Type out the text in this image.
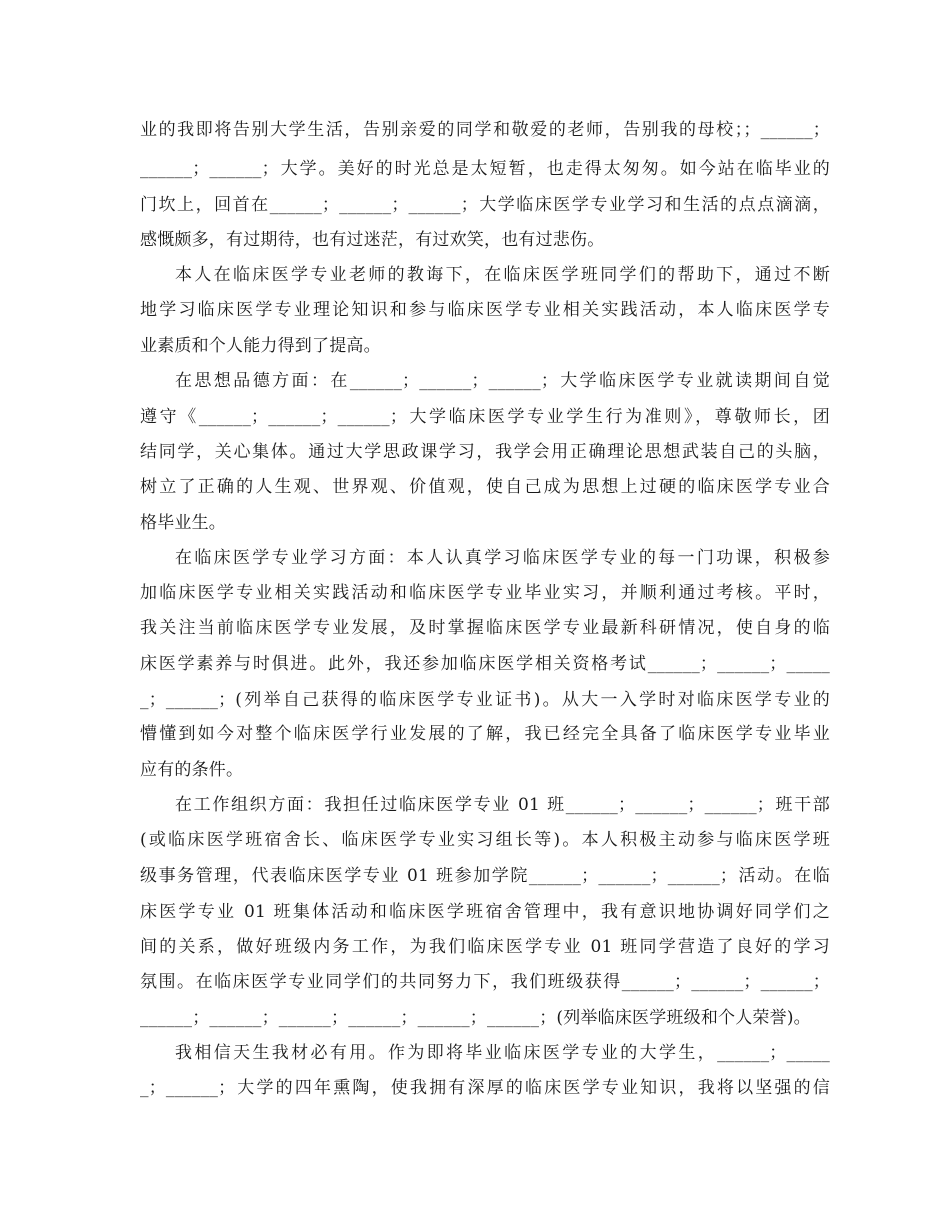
业的我即将告别大学生活，告别亲爱的同学和敬爱的老师，告别我的母校；；______；
______；______；大学。美好的时光总是太短暂，也走得太匆匆。如今站在临毕业的
门坎上，回首在______；______；______；大学临床医学专业学习和生活的点点滴滴，
感慨颇多，有过期待，也有过迷茫，有过欢笑，也有过悲伤。
本人在临床医学专业老师的教诲下，在临床医学班同学们的帮助下，通过不断
地学习临床医学专业理论知识和参与临床医学专业相关实践活动，本人临床医学专
业素质和个人能力得到了提高。
在思想品德方面：在______；______；______；大学临床医学专业就读期间自觉
遵守《______；______；______；大学临床医学专业学生行为准则》，尊敬师长，团
结同学，关心集体。通过大学思政课学习，我学会用正确理论思想武装自己的头脑，
树立了正确的人生观、世界观、价值观，使自己成为思想上过硬的临床医学专业合
格毕业生。
在临床医学专业学习方面：本人认真学习临床医学专业的每一门功课，积极参
加临床医学专业相关实践活动和临床医学专业毕业实习，并顺利通过考核。平时，
我关注当前临床医学专业发展，及时掌握临床医学专业最新科研情况，使自身的临
床医学素养与时俱进。此外，我还参加临床医学相关资格考试______；______；_____
_；______；(列举自己获得的临床医学专业证书)。从大一入学时对临床医学专业的
懵懂到如今对整个临床医学行业发展的了解，我已经完全具备了临床医学专业毕业
应有的条件。
在工作组织方面：我担任过临床医学专业 01 班______；______；______；班干部
(或临床医学班宿舍长、临床医学专业实习组长等)。本人积极主动参与临床医学班
级事务管理，代表临床医学专业 01 班参加学院______；______；______；活动。在临
床医学专业 01 班集体活动和临床医学班宿舍管理中，我有意识地协调好同学们之
间的关系，做好班级内务工作，为我们临床医学专业 01 班同学营造了良好的学习
氛围。在临床医学专业同学们的共同努力下，我们班级获得______；______；______；
______；______；______；______；______；______；(列举临床医学班级和个人荣誉)。
我相信天生我材必有用。作为即将毕业临床医学专业的大学生，______；_____
_；______；大学的四年熏陶，使我拥有深厚的临床医学专业知识，我将以坚强的信
